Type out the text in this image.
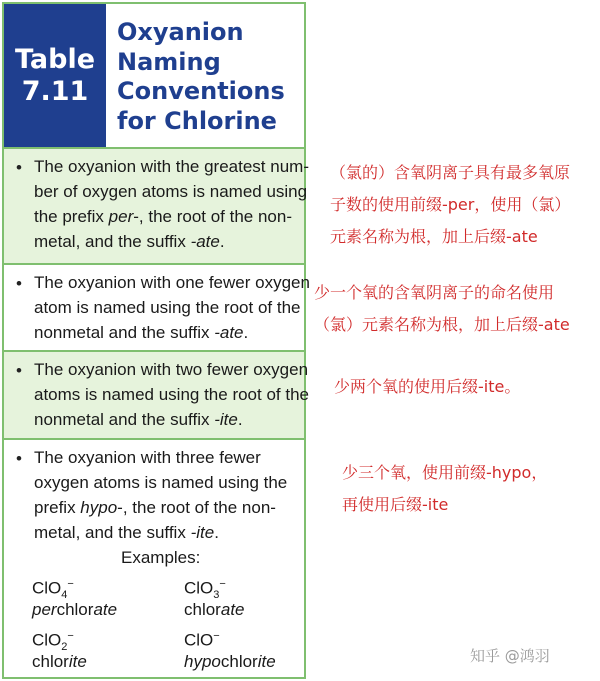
Table
7.11
Oxyanion
Naming
Conventions
for Chlorine
• The oxyanion with the greatest num-
ber of oxygen atoms is named using
the prefix per-, the root of the non-
metal, and the suffix -ate.
• The oxyanion with one fewer oxygen
atom is named using the root of the
nonmetal and the suffix -ate.
• The oxyanion with two fewer oxygen
atoms is named using the root of the
nonmetal and the suffix -ite.
• The oxyanion with three fewer
oxygen atoms is named using the
prefix hypo-, the root of the non-
metal, and the suffix -ite.
Examples:
ClO$_4$−
perchlorate
ClO$_3$−
chlorate
ClO$_2$−
chlorite
ClO−
hypochlorite
（氯的）含氧阴离子具有最多氧原
子数的使用前缀-per，使用（氯）
元素名称为根，加上后缀-ate
少一个氧的含氧阴离子的命名使用
（氯）元素名称为根，加上后缀-ate
少两个氧的使用后缀-ite。
少三个氧，使用前缀-hypo，
再使用后缀-ite
知乎 @鸿羽
